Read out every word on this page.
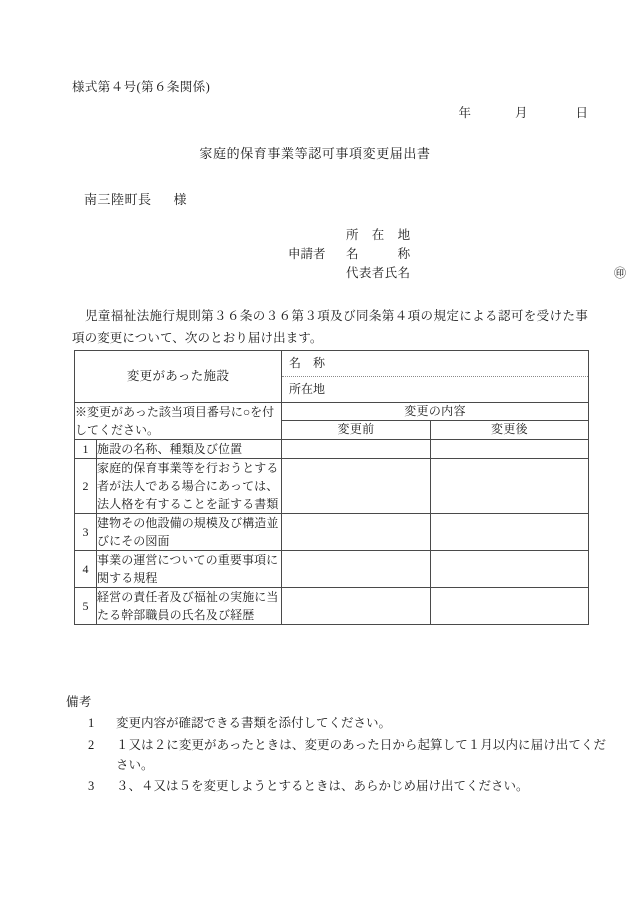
様式第４号(第６条関係)
年	月	日
家庭的保育事業等認可事項変更届出書
南三陸町長 様
所　在　地
申請者	名　　　称
代表者氏名	㊞
児童福祉法施行規則第３６条の３６第３項及び同条第４項の規定による認可を受けた事項の変更について、次のとおり届け出ます。
変更があった施設		名　称
所在地	

※変更があった該当項目番号に○を付してください。		変更の内容	
		変更前	変更後
1	施設の名称、種類及び位置		
2	家庭的保育事業等を行おうとする者が法人である場合にあっては、法人格を有することを証する書類		
3	建物その他設備の規模及び構造並びにその図面		
4	事業の運営についての重要事項に関する規程		
5	経営の責任者及び福祉の実施に当たる幹部職員の氏名及び経歴		
備考
1	変更内容が確認できる書類を添付してください。
2	１又は２に変更があったときは、変更のあった日から起算して１月以内に届け出てください。
3	３、４又は５を変更しようとするときは、あらかじめ届け出てください。
